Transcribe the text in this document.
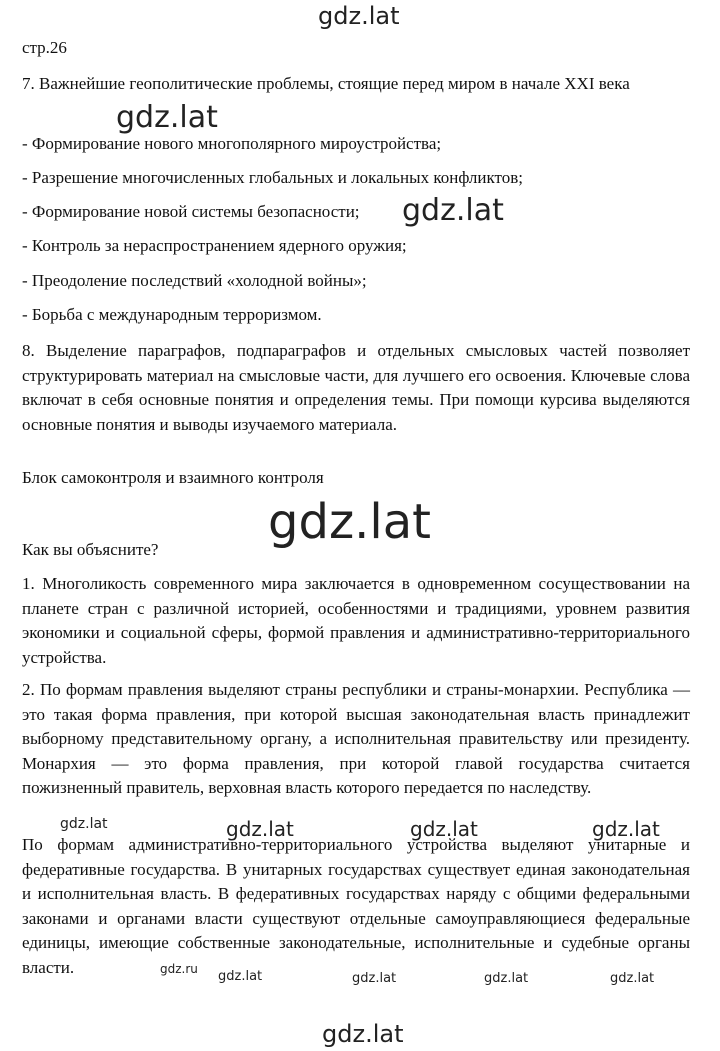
gdz.lat

стр.26

7. Важнейшие геополитические проблемы, стоящие перед миром в начале XXI века

gdz.lat

- Формирование нового многополярного мироустройства;

- Разрешение многочисленных глобальных и локальных конфликтов;

- Формирование новой системы безопасности;	gdz.lat

- Контроль за нераспространением ядерного оружия;

- Преодоление последствий «холодной войны»;

- Борьба с международным терроризмом.

8. Выделение параграфов, подпараграфов и отдельных смысловых частей позволяет структурировать материал на смысловые части, для лучшего его освоения. Ключевые слова включат в себя основные понятия и определения темы. При помощи курсива выделяются основные понятия и выводы изучаемого материала.

Блок самоконтроля и взаимного контроля

gdz.lat

Как вы объясните?

1. Многоликость современного мира заключается в одновременном сосуществовании на планете стран с различной историей, особенностями и традициями, уровнем развития экономики и социальной сферы, формой правления и административно-территориального устройства.

2. По формам правления выделяют страны республики и страны-монархии. Республика — это такая форма правления, при которой высшая законодательная власть принадлежит выборному представительному органу, а исполнительная правительству или президенту. Монархия — это форма правления, при которой главой государства считается пожизненный правитель, верховная власть которого передается по наследству.

gdz.lat	gdz.lat	gdz.lat	gdz.lat

По формам административно-территориального устройства выделяют унитарные и федеративные государства. В унитарных государствах существует единая законодательная и исполнительная власть. В федеративных государствах наряду с общими федеральными законами и органами власти существуют отдельные самоуправляющиеся федеральные единицы, имеющие собственные законодательные, исполнительные и судебные органы власти.	gdz.ru gdz.lat	gdz.lat	gdz.lat	gdz.lat
gdz.lat
